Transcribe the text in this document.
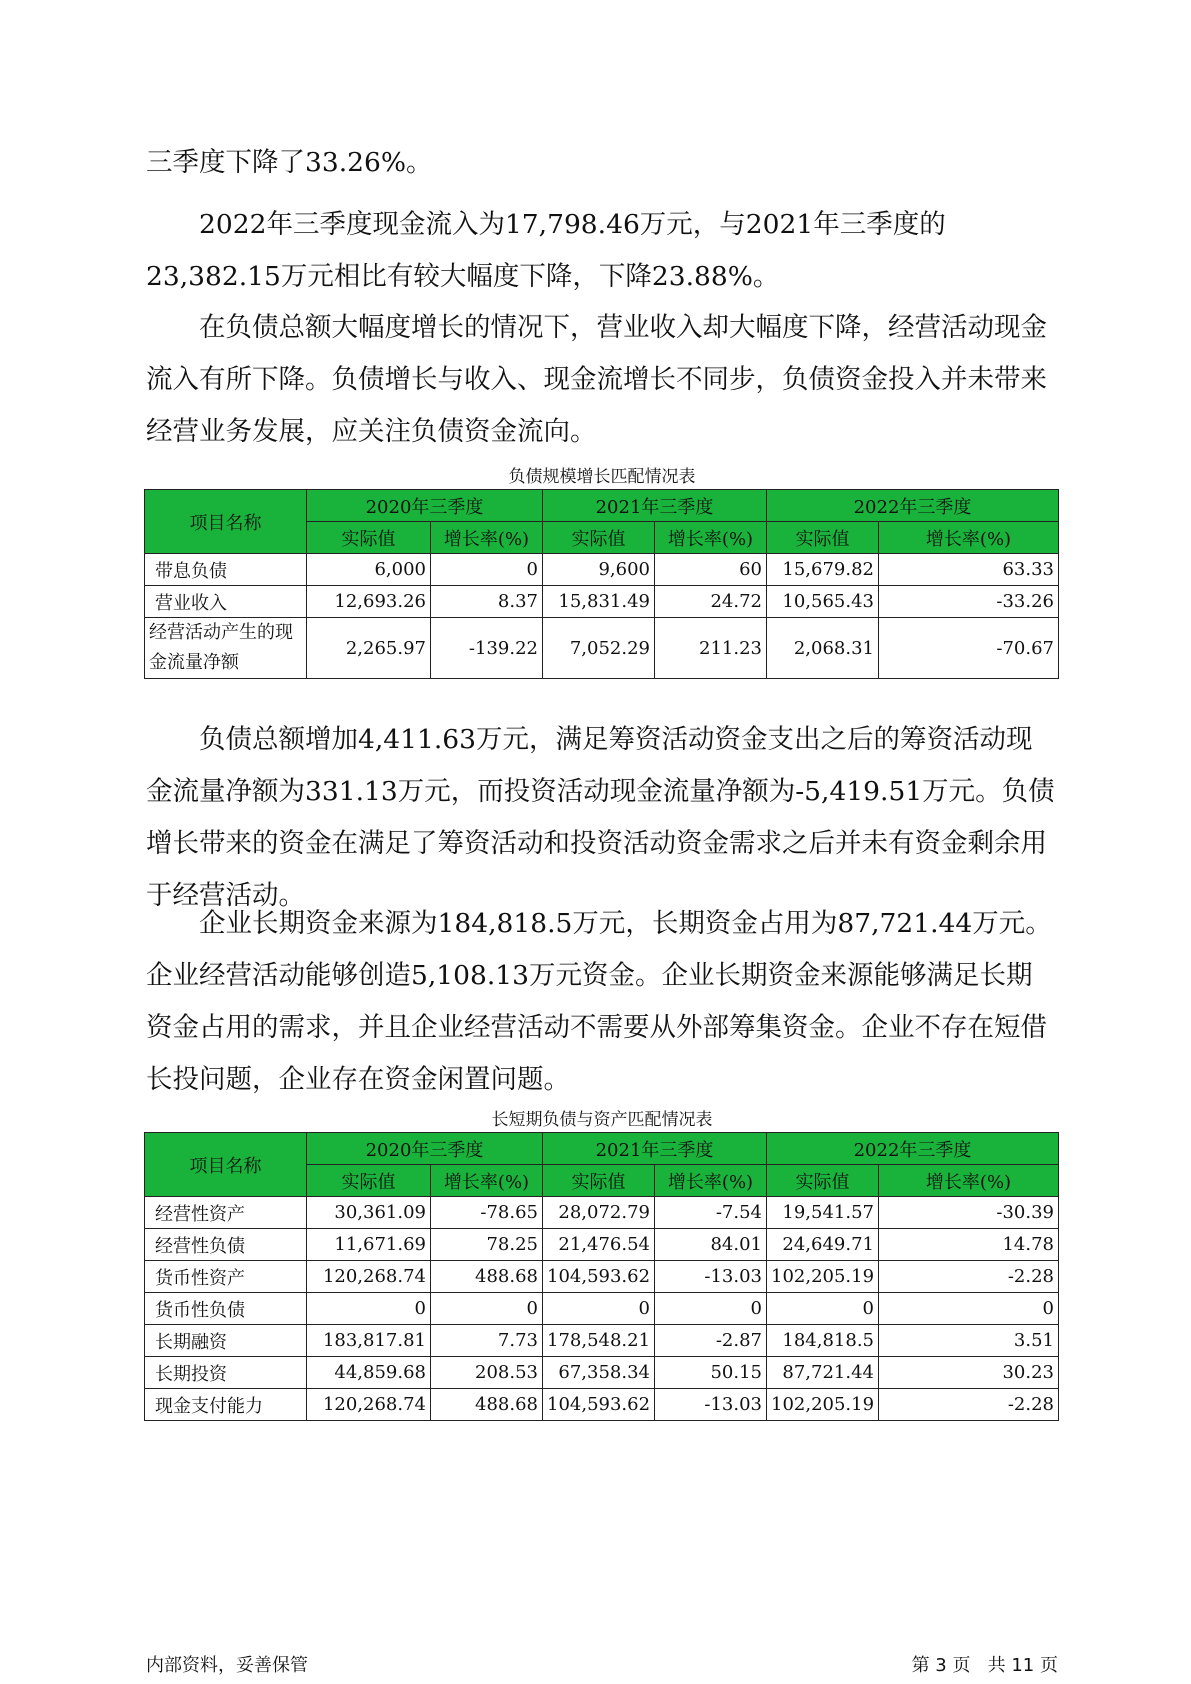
三季度下降了33.26%。

2022年三季度现金流入为17,798.46万元，与2021年三季度的23,382.15万元相比有较大幅度下降，下降23.88%。

在负债总额大幅度增长的情况下，营业收入却大幅度下降，经营活动现金流入有所下降。负债增长与收入、现金流增长不同步，负债资金投入并未带来经营业务发展，应关注负债资金流向。

负债规模增长匹配情况表
项目名称	2020年三季度		2021年三季度		2022年三季度	
	实际值	增长率(%)	实际值	增长率(%)	实际值	增长率(%)
带息负债	6,000	0	9,600	60	15,679.82	63.33
营业收入	12,693.26	8.37	15,831.49	24.72	10,565.43	-33.26
经营活动产生的现金流量净额	2,265.97	-139.22	7,052.29	211.23	2,068.31	-70.67

负债总额增加4,411.63万元，满足筹资活动资金支出之后的筹资活动现金流量净额为331.13万元，而投资活动现金流量净额为-5,419.51万元。负债增长带来的资金在满足了筹资活动和投资活动资金需求之后并未有资金剩余用于经营活动。

企业长期资金来源为184,818.5万元，长期资金占用为87,721.44万元。企业经营活动能够创造5,108.13万元资金。企业长期资金来源能够满足长期资金占用的需求，并且企业经营活动不需要从外部筹集资金。企业不存在短借长投问题，企业存在资金闲置问题。

长短期负债与资产匹配情况表
项目名称	2020年三季度		2021年三季度		2022年三季度	
	实际值	增长率(%)	实际值	增长率(%)	实际值	增长率(%)
经营性资产	30,361.09	-78.65	28,072.79	-7.54	19,541.57	-30.39
经营性负债	11,671.69	78.25	21,476.54	84.01	24,649.71	14.78
货币性资产	120,268.74	488.68	104,593.62	-13.03	102,205.19	-2.28
货币性负债	0	0	0	0	0	0
长期融资	183,817.81	7.73	178,548.21	-2.87	184,818.5	3.51
长期投资	44,859.68	208.53	67,358.34	50.15	87,721.44	30.23
现金支付能力	120,268.74	488.68	104,593.62	-13.03	102,205.19	-2.28
内部资料，妥善保管	第 3 页   共 11 页
